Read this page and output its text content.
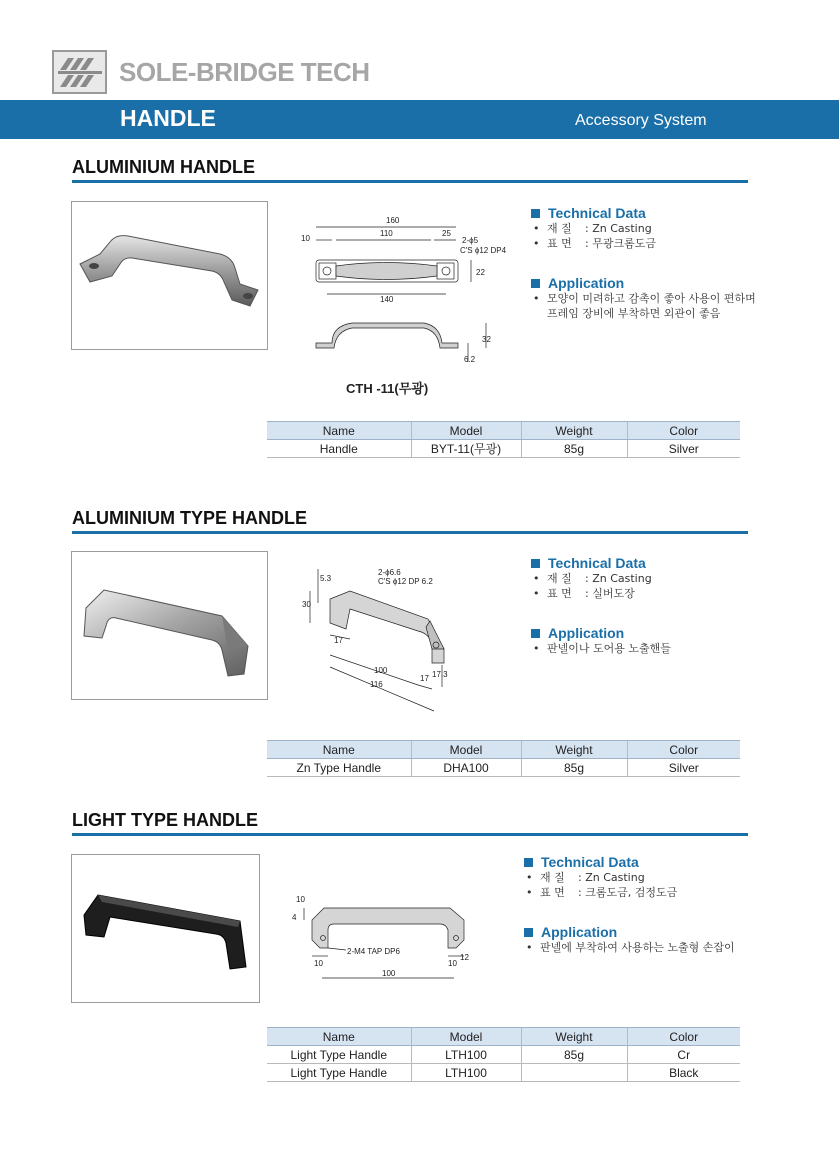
SOLE-BRIDGE TECH
HANDLE	Accessory System
ALUMINIUM HANDLE
160
10
110	25
2-ϕ5
C'S ϕ12 DP4
22
140
32
6.2
CTH -11(무광)
Technical Data
• 재 질 : Zn Casting
• 표 면 : 무광크롬도금
Application
• 모양이 미려하고 감촉이 좋아 사용이 편하며
프레임 장비에 부착하면 외관이 좋음
Name	Model	Weight	Color
Handle	BYT-11(무광)	85g	Silver
ALUMINIUM TYPE HANDLE
2-ϕ6.6
C'S ϕ12 DP 6.2
5.3
30
17
100
116
17 17.3
Technical Data
• 재 질 : Zn Casting
• 표 면 : 실버도장
Application
• 판넬이나 도어용 노출핸들
Name	Model	Weight	Color
Zn Type Handle	DHA100	85g	Silver
LIGHT TYPE HANDLE
10
4
2-M4 TAP DP6
10	10
12
100
Technical Data
• 재 질 : Zn Casting
• 표 면 : 크롬도금, 검정도금
Application
• 판넬에 부착하여 사용하는 노출형 손잡이
Name	Model	Weight	Color
Light Type Handle	LTH100	85g	Cr
Light Type Handle	LTH100		Black
